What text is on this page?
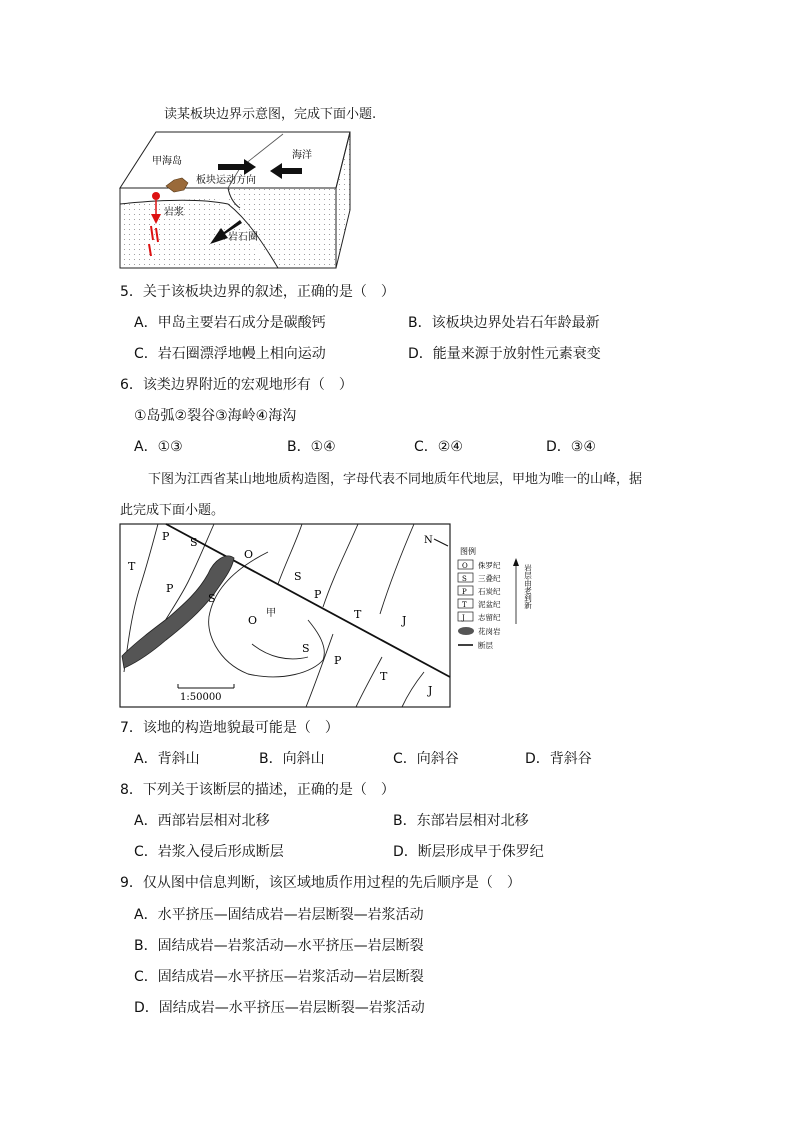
读某板块边界示意图，完成下面小题.
甲海岛
海洋
板块运动方向
岩浆
岩石圈
5．关于该板块边界的叙述，正确的是（　）
A．甲岛主要岩石成分是碳酸钙	B．该板块边界处岩石年龄最新
C．岩石圈漂浮地幔上相向运动	D．能量来源于放射性元素衰变
6．该类边界附近的宏观地形有（　）
①岛弧②裂谷③海岭④海沟
A．①③	B．①④	C．②④	D．③④
下图为江西省某山地地质构造图，字母代表不同地质年代地层，甲地为唯一的山峰，据
此完成下面小题。
N
1:50000
P S
O
T
P
S
S
P
O
甲	T	J
S
P
T
J
图例
O 侏罗纪
S 三叠纪
P 石炭纪
T 泥盆纪
J 志留纪
花岗岩
断层
岩层由老到新
7．该地的构造地貌最可能是（　）
A．背斜山	B．向斜山	C．向斜谷	D．背斜谷
8．下列关于该断层的描述，正确的是（　）
A．西部岩层相对北移	B．东部岩层相对北移
C．岩浆入侵后形成断层	D．断层形成早于侏罗纪
9．仅从图中信息判断，该区域地质作用过程的先后顺序是（　）
A．水平挤压—固结成岩—岩层断裂—岩浆活动
B．固结成岩—岩浆活动—水平挤压—岩层断裂
C．固结成岩—水平挤压—岩浆活动—岩层断裂
D．固结成岩—水平挤压—岩层断裂—岩浆活动
